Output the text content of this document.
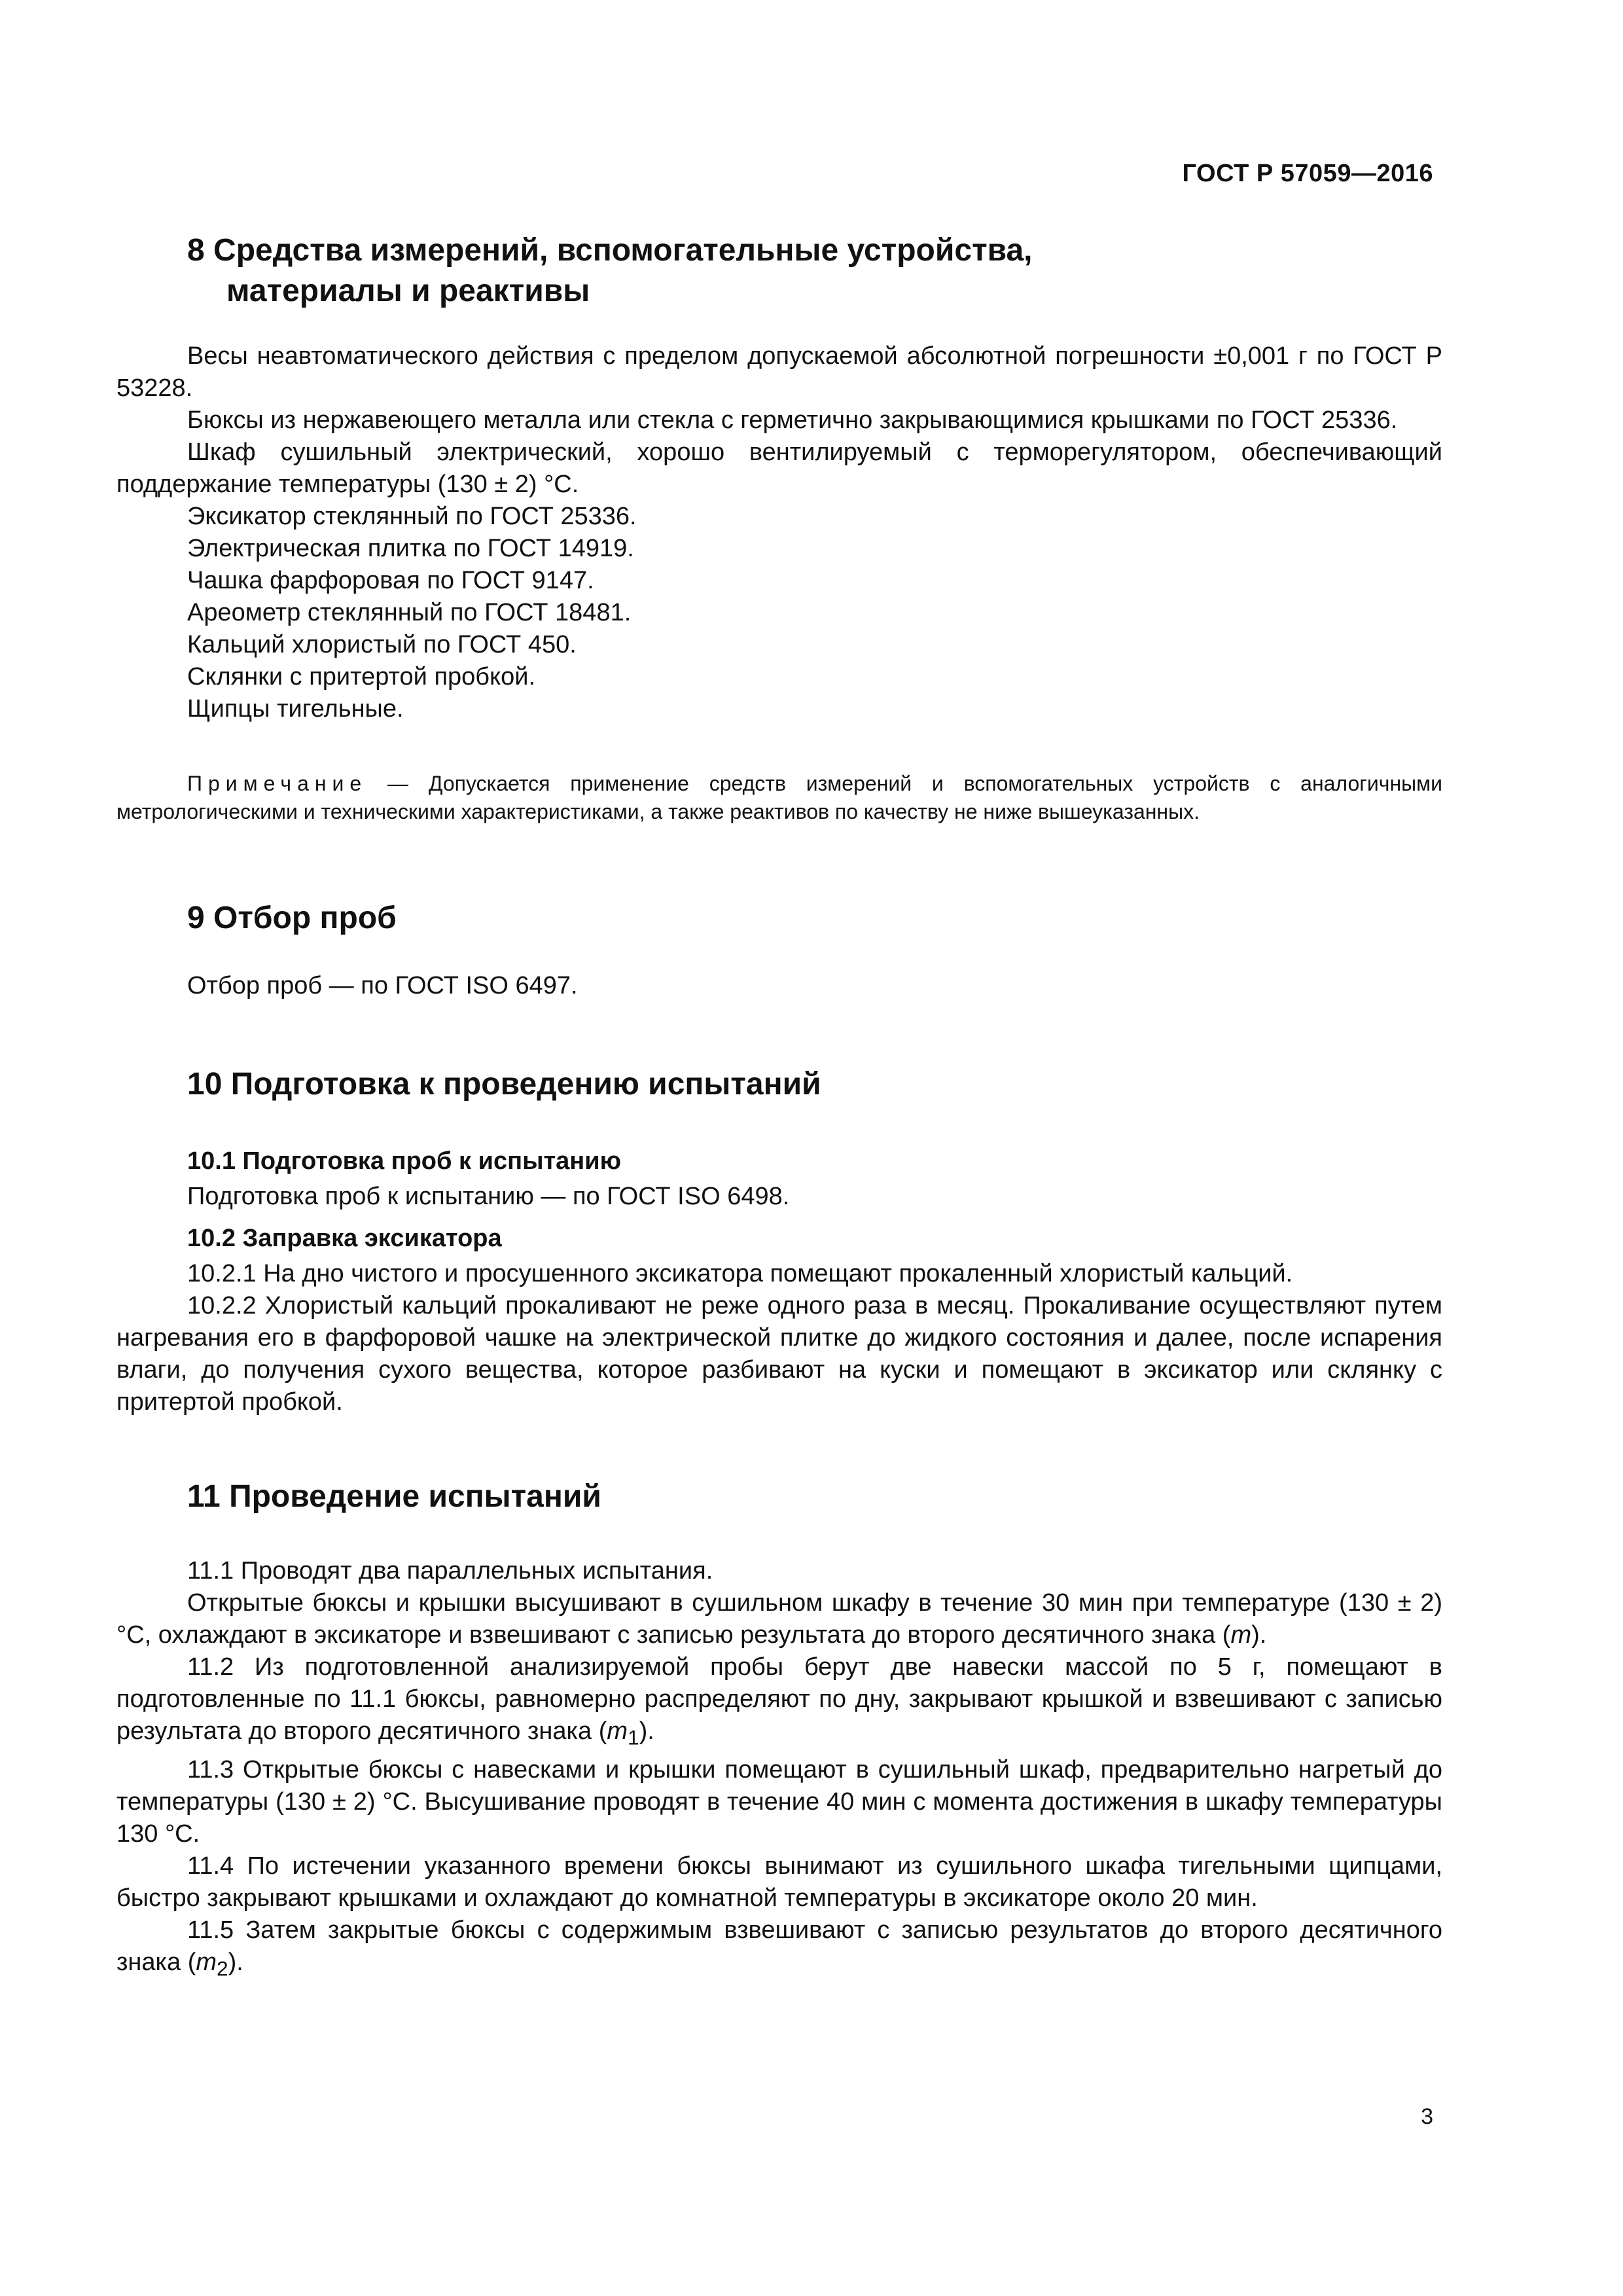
ГОСТ Р 57059—2016

8 Средства измерений, вспомогательные устройства,

материалы и реактивы

Весы неавтоматического действия с пределом допускаемой абсолютной погрешности ±0,001 г по ГОСТ Р 53228.

Бюксы из нержавеющего металла или стекла с герметично закрывающимися крышками по ГОСТ 25336.

Шкаф сушильный электрический, хорошо вентилируемый с терморегулятором, обеспечивающий поддержание температуры (130 ± 2) °С.

Эксикатор стеклянный по ГОСТ 25336.

Электрическая плитка по ГОСТ 14919.

Чашка фарфоровая по ГОСТ 9147.

Ареометр стеклянный по ГОСТ 18481.

Кальций хлористый по ГОСТ 450.

Склянки с притертой пробкой.

Щипцы тигельные.

Примечание — Допускается применение средств измерений и вспомогательных устройств с аналогичными метрологическими и техническими характеристиками, а также реактивов по качеству не ниже вышеуказанных.

9 Отбор проб

Отбор проб — по ГОСТ ISO 6497.

10 Подготовка к проведению испытаний

10.1 Подготовка проб к испытанию

Подготовка проб к испытанию — по ГОСТ ISO 6498.

10.2 Заправка эксикатора

10.2.1 На дно чистого и просушенного эксикатора помещают прокаленный хлористый кальций.

10.2.2 Хлористый кальций прокаливают не реже одного раза в месяц. Прокаливание осуществляют путем нагревания его в фарфоровой чашке на электрической плитке до жидкого состояния и далее, после испарения влаги, до получения сухого вещества, которое разбивают на куски и помещают в эксикатор или склянку с притертой пробкой.

11 Проведение испытаний

11.1 Проводят два параллельных испытания.

Открытые бюксы и крышки высушивают в сушильном шкафу в течение 30 мин при температуре (130 ± 2) °С, охлаждают в эксикаторе и взвешивают с записью результата до второго десятичного знака (m).

11.2 Из подготовленной анализируемой пробы берут две навески массой по 5 г, помещают в подготовленные по 11.1 бюксы, равномерно распределяют по дну, закрывают крышкой и взвешивают с записью результата до второго десятичного знака $(m_1)$.

11.3 Открытые бюксы с навесками и крышки помещают в сушильный шкаф, предварительно нагретый до температуры (130 ± 2) °С. Высушивание проводят в течение 40 мин с момента достижения в шкафу температуры 130 °С.

11.4 По истечении указанного времени бюксы вынимают из сушильного шкафа тигельными щипцами, быстро закрывают крышками и охлаждают до комнатной температуры в эксикаторе около 20 мин.

11.5 Затем закрытые бюксы с содержимым взвешивают с записью результатов до второго десятичного знака $(m_2)$.

3
